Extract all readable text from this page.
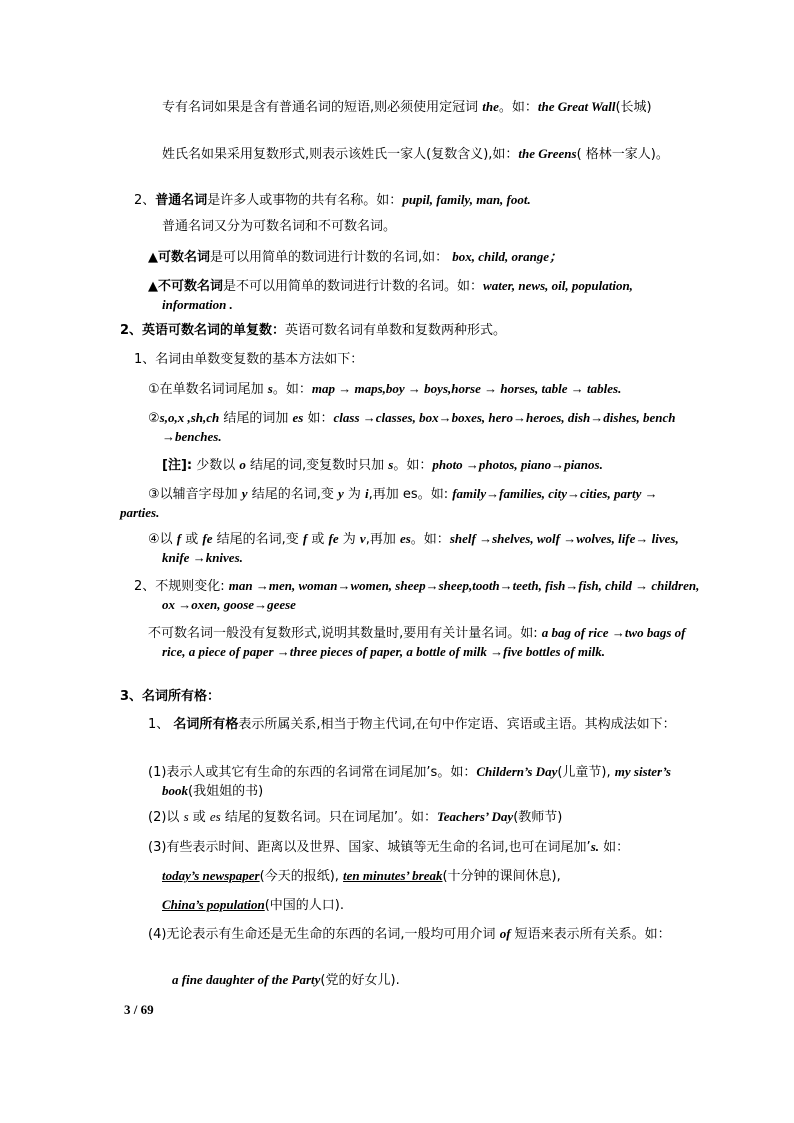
专有名词如果是含有普通名词的短语,则必须使用定冠词 the。如：the Great Wall(长城)

姓氏名如果采用复数形式,则表示该姓氏一家人(复数含义),如：the Greens( 格林一家人)。

2、普通名词是许多人或事物的共有名称。如：pupil, family, man, foot.

普通名词又分为可数名词和不可数名词。

▲可数名词是可以用简单的数词进行计数的名词,如： box, child, orange；

▲不可数名词是不可以用简单的数词进行计数的名词。如：water, news, oil, population, information .

2、英语可数名词的单复数：英语可数名词有单数和复数两种形式。

1、名词由单数变复数的基本方法如下：

①在单数名词词尾加 s。如：map → maps,boy → boys,horse → horses, table → tables.

②s,o,x ,sh,ch 结尾的词加 es 如：class →classes, box→boxes, hero→heroes, dish→dishes, bench →benches.

[注]: 少数以 o 结尾的词,变复数时只加 s。如：photo →photos, piano→pianos.

③以辅音字母加 y 结尾的名词,变 y 为 i,再加 es。如: family→families, city→cities, party → parties.

④以 f 或 fe 结尾的名词,变 f 或 fe 为 v,再加 es。如：shelf →shelves, wolf →wolves, life→ lives, knife →knives.

2、不规则变化: man →men, woman→women, sheep→sheep,tooth→teeth, fish→fish, child → children, ox →oxen, goose→geese

不可数名词一般没有复数形式,说明其数量时,要用有关计量名词。如: a bag of rice →two bags of rice, a piece of paper →three pieces of paper, a bottle of milk →five bottles of milk.

3、名词所有格：

1、 名词所有格表示所属关系,相当于物主代词,在句中作定语、宾语或主语。其构成法如下：

(1)表示人或其它有生命的东西的名词常在词尾加’s。如：Childern’s Day(儿童节), my sister’s book(我姐姐的书)

(2)以 s 或 es 结尾的复数名词。只在词尾加’。如：Teachers’ Day(教师节)

(3)有些表示时间、距离以及世界、国家、城镇等无生命的名词,也可在词尾加’s. 如：

today’s newspaper(今天的报纸), ten minutes’ break(十分钟的课间休息),

China’s population(中国的人口).

(4)无论表示有生命还是无生命的东西的名词,一般均可用介词 of 短语来表示所有关系。如：

a fine daughter of the Party(党的好女儿).

3 / 69
